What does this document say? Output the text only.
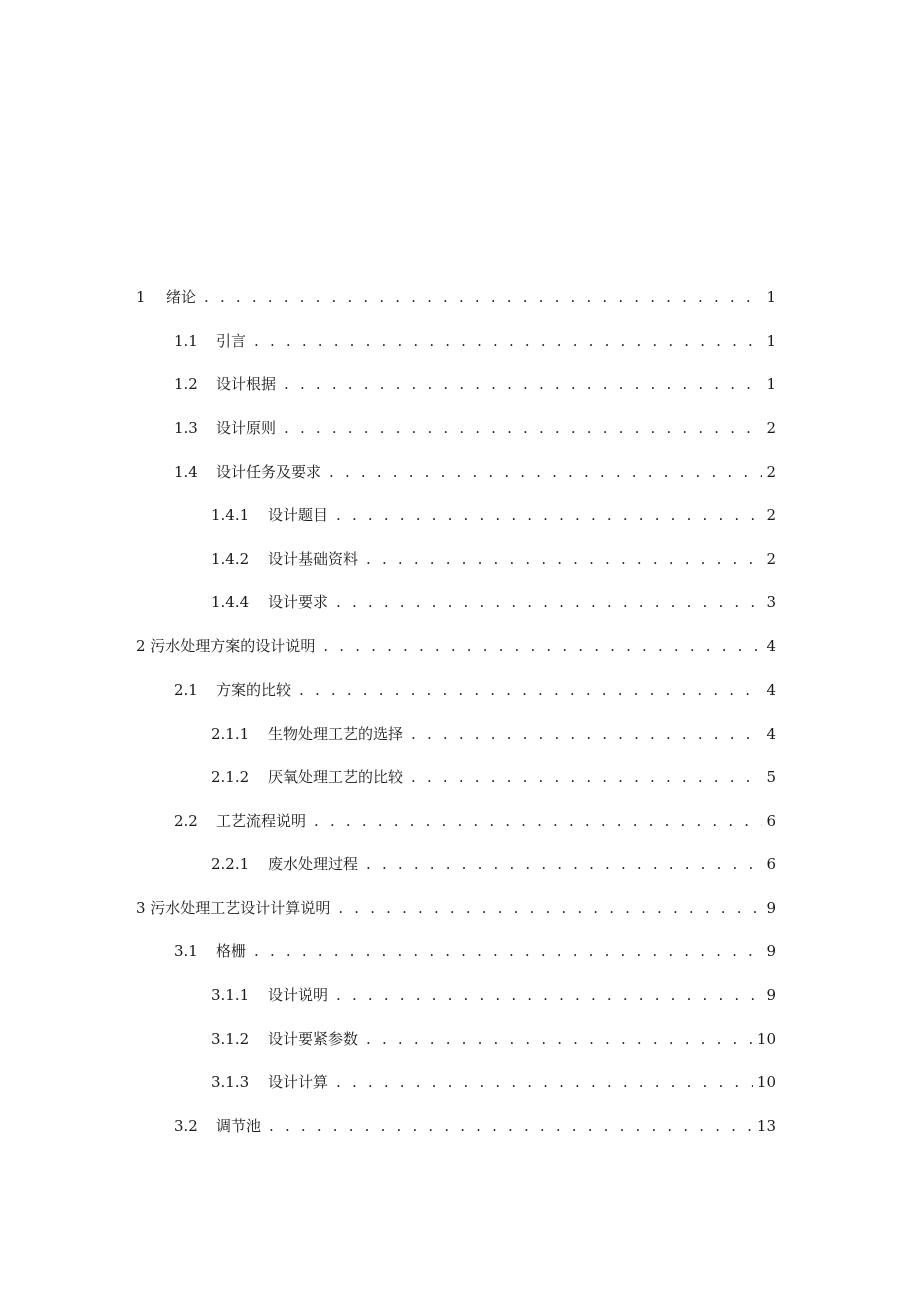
1	绪论 . . .	1
1.1	引言 . . .	1
1.2	设计根据 . . .	1
1.3	设计原则 . . .	2
1.4	设计任务及要求 . . .	2
1.4.1	设计题目 . . .	2
1.4.2	设计基础资料 . . .	2
1.4.4	设计要求 . . .	3
2 污水处理方案的设计说明 . . .	4
2.1	方案的比较 . . .	4
2.1.1	生物处理工艺的选择 . . .	4
2.1.2	厌氧处理工艺的比较 . . .	5
2.2	工艺流程说明 . . .	6
2.2.1	废水处理过程 . . .	6
3 污水处理工艺设计计算说明 . . .	9
3.1	格栅 . . .	9
3.1.1	设计说明 . . .	9
3.1.2	设计要紧参数 . . .	10
3.1.3	设计计算 . . .	10
3.2	调节池 . . .	13
